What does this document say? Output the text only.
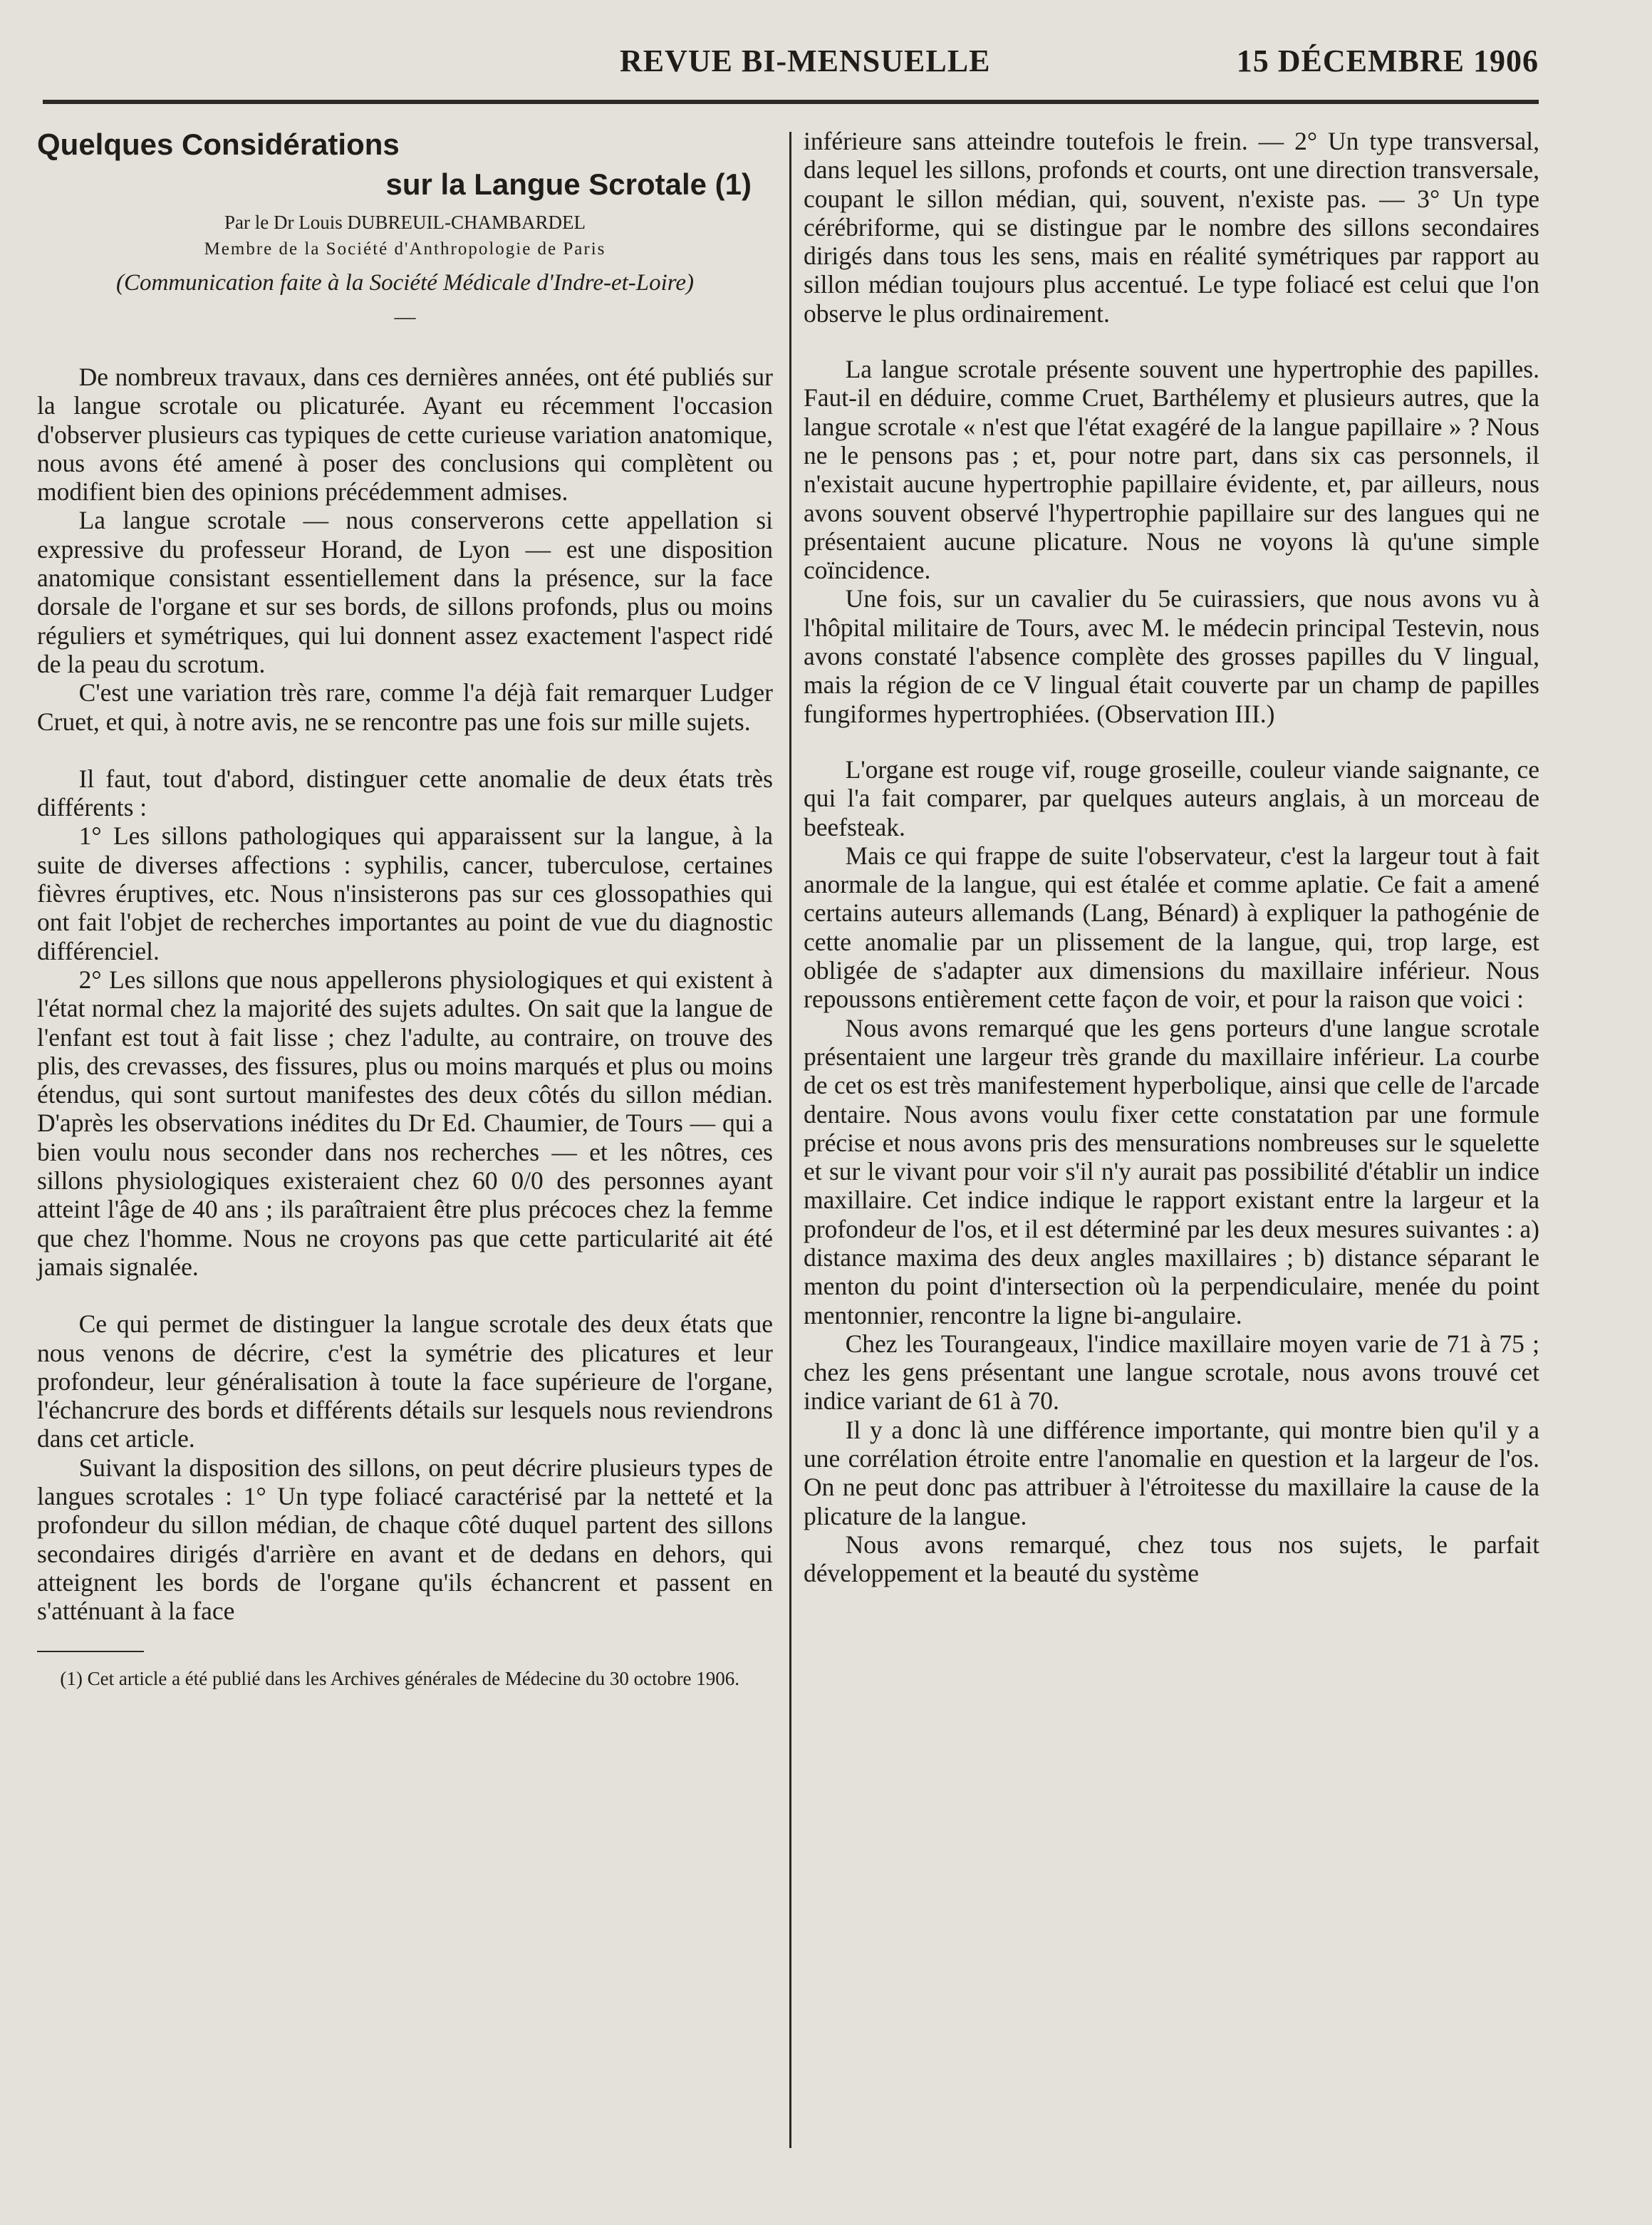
REVUE BI-MENSUELLE	15 DÉCEMBRE 1906

Quelques Considérations

sur la Langue Scrotale (1)

Par le Dr Louis DUBREUIL-CHAMBARDEL

Membre de la Société d'Anthropologie de Paris

(Communication faite à la Société Médicale d'Indre-et-Loire)

—

De nombreux travaux, dans ces dernières années, ont été publiés sur la langue scrotale ou plicaturée. Ayant eu récemment l'occasion d'observer plusieurs cas typiques de cette curieuse variation anatomique, nous avons été amené à poser des conclusions qui complètent ou modifient bien des opinions précédemment admises.

La langue scrotale — nous conserverons cette appellation si expressive du professeur Horand, de Lyon — est une disposition anatomique consistant essentiellement dans la présence, sur la face dorsale de l'organe et sur ses bords, de sillons profonds, plus ou moins réguliers et symétriques, qui lui donnent assez exactement l'aspect ridé de la peau du scrotum.

C'est une variation très rare, comme l'a déjà fait remarquer Ludger Cruet, et qui, à notre avis, ne se rencontre pas une fois sur mille sujets.

Il faut, tout d'abord, distinguer cette anomalie de deux états très différents :

1° Les sillons pathologiques qui apparaissent sur la langue, à la suite de diverses affections : syphilis, cancer, tuberculose, certaines fièvres éruptives, etc. Nous n'insisterons pas sur ces glossopathies qui ont fait l'objet de recherches importantes au point de vue du diagnostic différenciel.

2° Les sillons que nous appellerons physiologiques et qui existent à l'état normal chez la majorité des sujets adultes. On sait que la langue de l'enfant est tout à fait lisse ; chez l'adulte, au contraire, on trouve des plis, des crevasses, des fissures, plus ou moins marqués et plus ou moins étendus, qui sont surtout manifestes des deux côtés du sillon médian. D'après les observations inédites du Dr Ed. Chaumier, de Tours — qui a bien voulu nous seconder dans nos recherches — et les nôtres, ces sillons physiologiques existeraient chez 60 0/0 des personnes ayant atteint l'âge de 40 ans ; ils paraîtraient être plus précoces chez la femme que chez l'homme. Nous ne croyons pas que cette particularité ait été jamais signalée.

Ce qui permet de distinguer la langue scrotale des deux états que nous venons de décrire, c'est la symétrie des plicatures et leur profondeur, leur généralisation à toute la face supérieure de l'organe, l'échancrure des bords et différents détails sur lesquels nous reviendrons dans cet article.

Suivant la disposition des sillons, on peut décrire plusieurs types de langues scrotales : 1° Un type foliacé caractérisé par la netteté et la profondeur du sillon médian, de chaque côté duquel partent des sillons secondaires dirigés d'arrière en avant et de dedans en dehors, qui atteignent les bords de l'organe qu'ils échancrent et passent en s'atténuant à la face

(1) Cet article a été publié dans les Archives générales de Médecine du 30 octobre 1906.

inférieure sans atteindre toutefois le frein. — 2° Un type transversal, dans lequel les sillons, profonds et courts, ont une direction transversale, coupant le sillon médian, qui, souvent, n'existe pas. — 3° Un type cérébriforme, qui se distingue par le nombre des sillons secondaires dirigés dans tous les sens, mais en réalité symétriques par rapport au sillon médian toujours plus accentué. Le type foliacé est celui que l'on observe le plus ordinairement.

La langue scrotale présente souvent une hypertrophie des papilles. Faut-il en déduire, comme Cruet, Barthélemy et plusieurs autres, que la langue scrotale « n'est que l'état exagéré de la langue papillaire » ? Nous ne le pensons pas ; et, pour notre part, dans six cas personnels, il n'existait aucune hypertrophie papillaire évidente, et, par ailleurs, nous avons souvent observé l'hypertrophie papillaire sur des langues qui ne présentaient aucune plicature. Nous ne voyons là qu'une simple coïncidence.

Une fois, sur un cavalier du 5e cuirassiers, que nous avons vu à l'hôpital militaire de Tours, avec M. le médecin principal Testevin, nous avons constaté l'absence complète des grosses papilles du V lingual, mais la région de ce V lingual était couverte par un champ de papilles fungiformes hypertrophiées. (Observation III.)

L'organe est rouge vif, rouge groseille, couleur viande saignante, ce qui l'a fait comparer, par quelques auteurs anglais, à un morceau de beefsteak.

Mais ce qui frappe de suite l'observateur, c'est la largeur tout à fait anormale de la langue, qui est étalée et comme aplatie. Ce fait a amené certains auteurs allemands (Lang, Bénard) à expliquer la pathogénie de cette anomalie par un plissement de la langue, qui, trop large, est obligée de s'adapter aux dimensions du maxillaire inférieur. Nous repoussons entièrement cette façon de voir, et pour la raison que voici :

Nous avons remarqué que les gens porteurs d'une langue scrotale présentaient une largeur très grande du maxillaire inférieur. La courbe de cet os est très manifestement hyperbolique, ainsi que celle de l'arcade dentaire. Nous avons voulu fixer cette constatation par une formule précise et nous avons pris des mensurations nombreuses sur le squelette et sur le vivant pour voir s'il n'y aurait pas possibilité d'établir un indice maxillaire. Cet indice indique le rapport existant entre la largeur et la profondeur de l'os, et il est déterminé par les deux mesures suivantes : a) distance maxima des deux angles maxillaires ; b) distance séparant le menton du point d'intersection où la perpendiculaire, menée du point mentonnier, rencontre la ligne bi-angulaire.

Chez les Tourangeaux, l'indice maxillaire moyen varie de 71 à 75 ; chez les gens présentant une langue scrotale, nous avons trouvé cet indice variant de 61 à 70.

Il y a donc là une différence importante, qui montre bien qu'il y a une corrélation étroite entre l'anomalie en question et la largeur de l'os. On ne peut donc pas attribuer à l'étroitesse du maxillaire la cause de la plicature de la langue.

Nous avons remarqué, chez tous nos sujets, le parfait développement et la beauté du système
